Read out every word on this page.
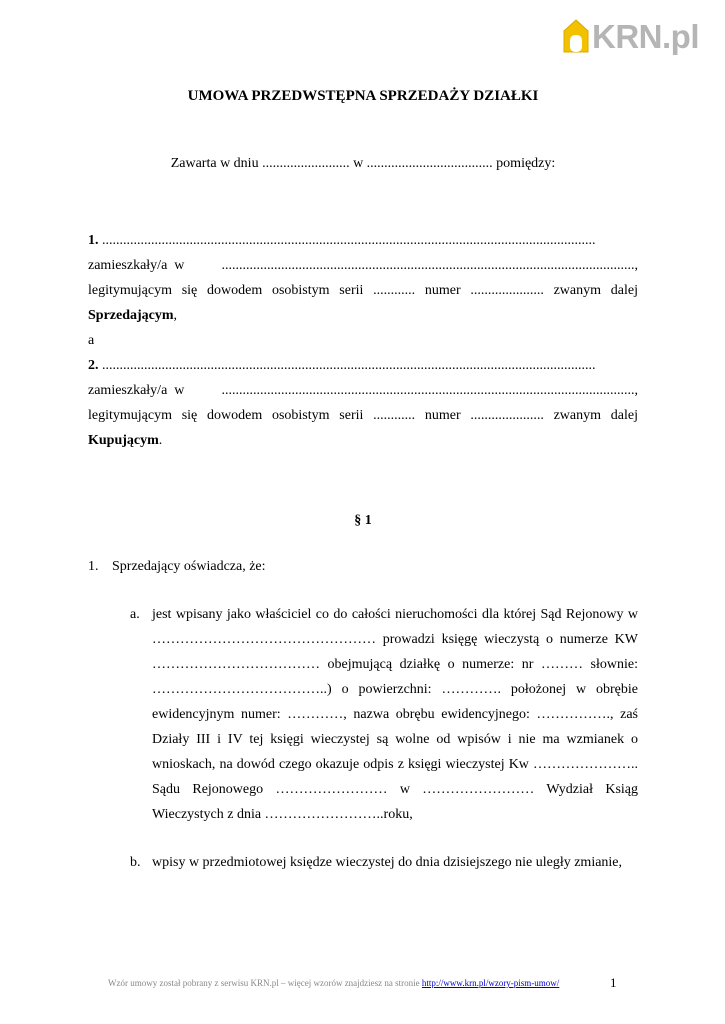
KRN.pl
UMOWA PRZEDWSTĘPNA SPRZEDAŻY DZIAŁKI
Zawarta w dniu ......................... w .................................... pomiędzy:
1. .............................................................................................................................................
zamieszkały/a  w	......................................................................................................................,
legitymującym się dowodem osobistym serii ............ numer ..................... zwanym dalej
Sprzedającym,
a
2. .............................................................................................................................................
zamieszkały/a  w	......................................................................................................................,
legitymującym się dowodem osobistym serii ............ numer ..................... zwanym dalej
Kupującym.
§ 1
1. Sprzedający oświadcza, że:
a. jest wpisany jako właściciel co do całości nieruchomości dla której Sąd Rejonowy w ………………………………………… prowadzi księgę wieczystą o numerze KW ……………………………… obejmującą działkę o numerze: nr ……… słownie: ………………………………..) o powierzchni: …………. położonej w obrębie ewidencyjnym numer: …………, nazwa obrębu ewidencyjnego: ……………., zaś Działy III i IV tej księgi wieczystej są wolne od wpisów i nie ma wzmianek o wnioskach, na dowód czego okazuje odpis z księgi wieczystej Kw ………………….. Sądu Rejonowego …………………… w …………………… Wydział Ksiąg Wieczystych z dnia ……………………..roku,
b. wpisy w przedmiotowej księdze wieczystej do dnia dzisiejszego nie uległy zmianie,
Wzór umowy został pobrany z serwisu KRN.pl – więcej wzorów znajdziesz na stronie http://www.krn.pl/wzory-pism-umow/	1
